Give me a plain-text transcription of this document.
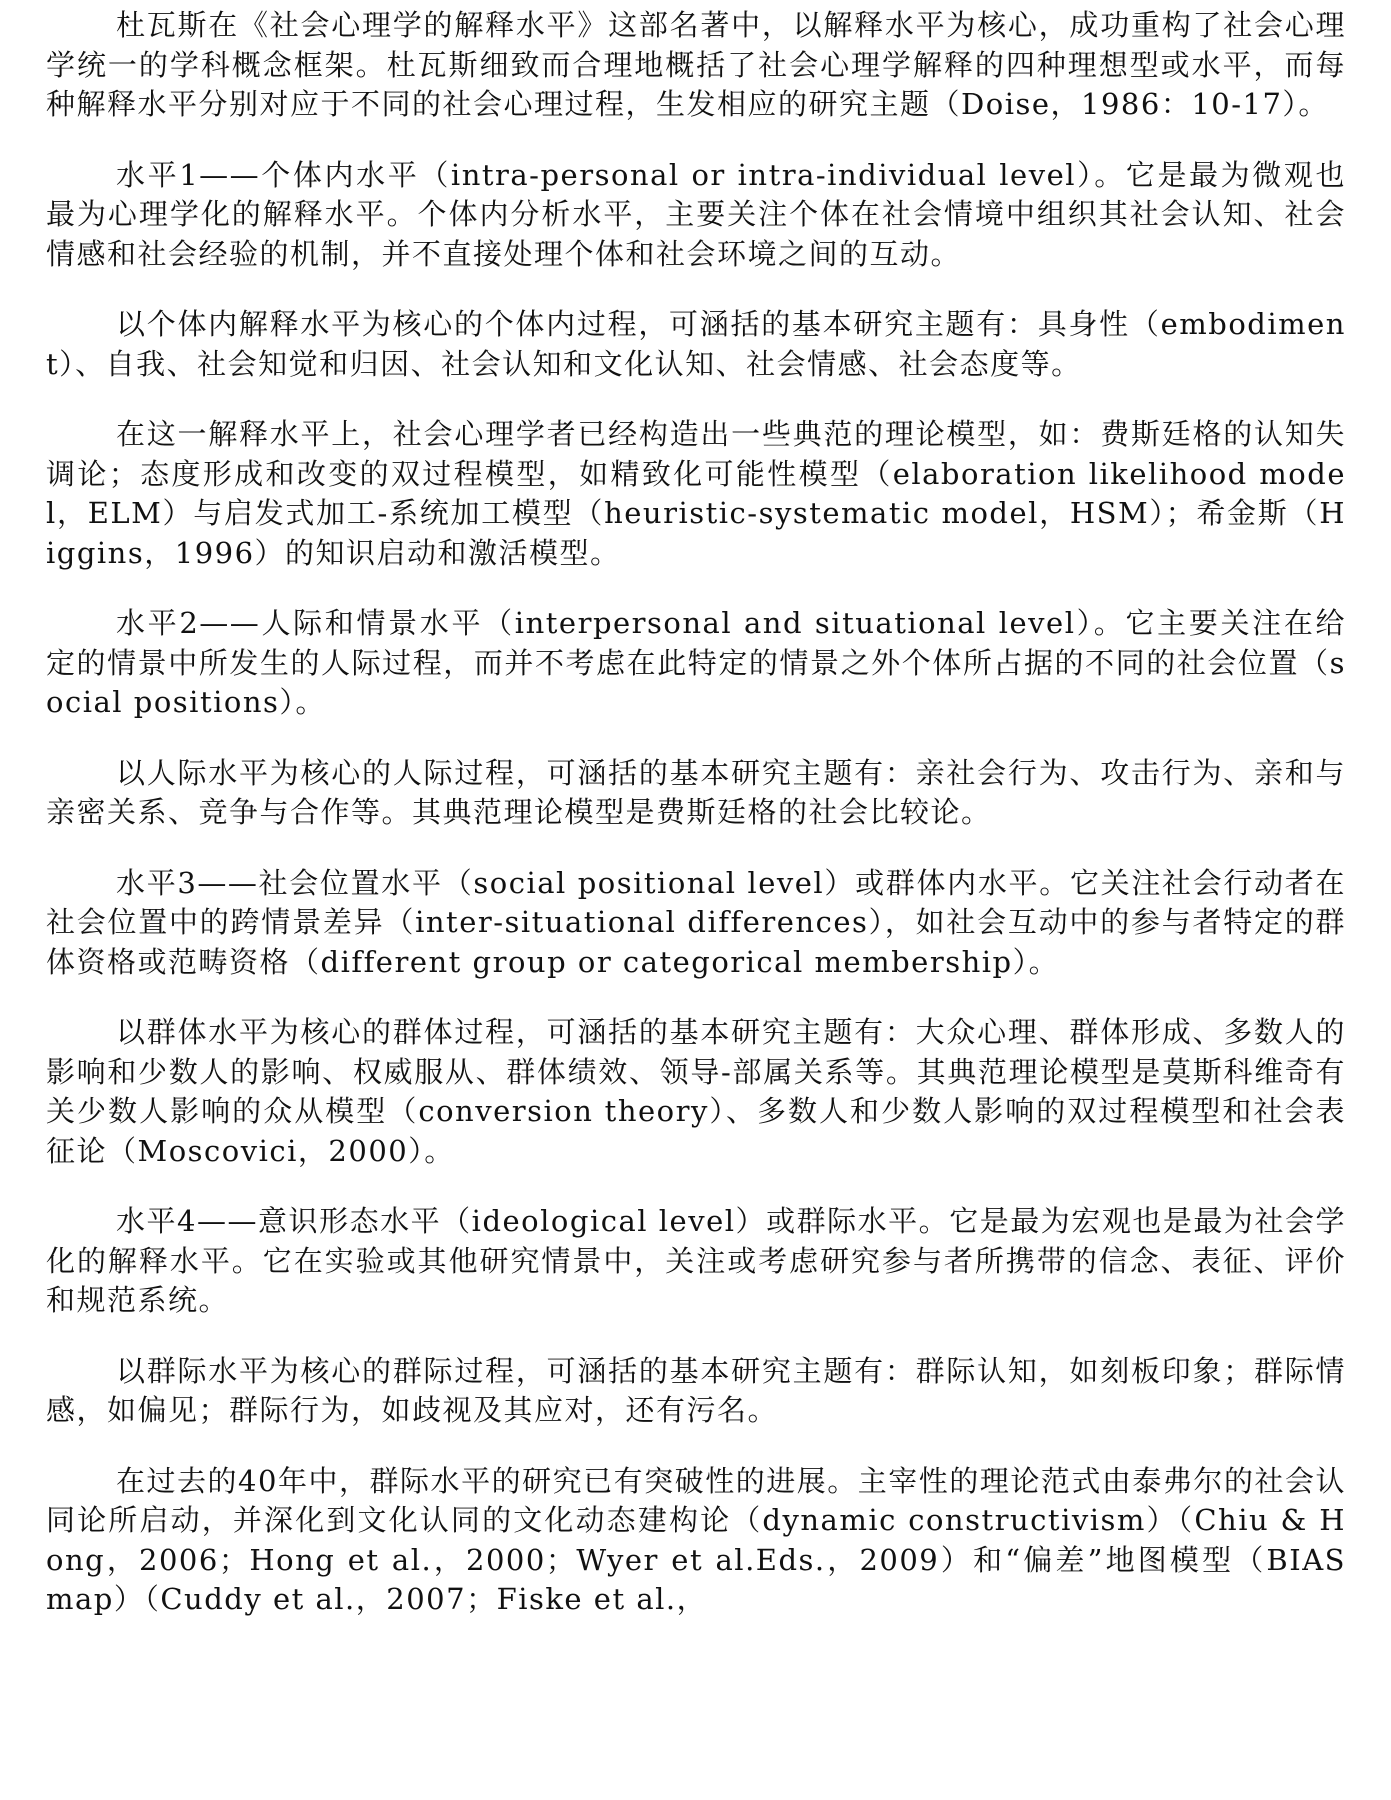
杜瓦斯在《社会心理学的解释水平》这部名著中，以解释水平为核心，成功重构了社会心理学统一的学科概念框架。杜瓦斯细致而合理地概括了社会心理学解释的四种理想型或水平，而每种解释水平分别对应于不同的社会心理过程，生发相应的研究主题（Doise，1986：10-17）。

水平1——个体内水平（intra-personal or intra-individual level）。它是最为微观也最为心理学化的解释水平。个体内分析水平，主要关注个体在社会情境中组织其社会认知、社会情感和社会经验的机制，并不直接处理个体和社会环境之间的互动。

以个体内解释水平为核心的个体内过程，可涵括的基本研究主题有：具身性（embodiment）、自我、社会知觉和归因、社会认知和文化认知、社会情感、社会态度等。

在这一解释水平上，社会心理学者已经构造出一些典范的理论模型，如：费斯廷格的认知失调论；态度形成和改变的双过程模型，如精致化可能性模型（elaboration likelihood model，ELM）与启发式加工-系统加工模型（heuristic-systematic model，HSM）；希金斯（Higgins，1996）的知识启动和激活模型。

水平2——人际和情景水平（interpersonal and situational level）。它主要关注在给定的情景中所发生的人际过程，而并不考虑在此特定的情景之外个体所占据的不同的社会位置（social positions）。

以人际水平为核心的人际过程，可涵括的基本研究主题有：亲社会行为、攻击行为、亲和与亲密关系、竞争与合作等。其典范理论模型是费斯廷格的社会比较论。

水平3——社会位置水平（social positional level）或群体内水平。它关注社会行动者在社会位置中的跨情景差异（inter-situational differences），如社会互动中的参与者特定的群体资格或范畴资格（different group or categorical membership）。

以群体水平为核心的群体过程，可涵括的基本研究主题有：大众心理、群体形成、多数人的影响和少数人的影响、权威服从、群体绩效、领导-部属关系等。其典范理论模型是莫斯科维奇有关少数人影响的众从模型（conversion theory）、多数人和少数人影响的双过程模型和社会表征论（Moscovici，2000）。

水平4——意识形态水平（ideological level）或群际水平。它是最为宏观也是最为社会学化的解释水平。它在实验或其他研究情景中，关注或考虑研究参与者所携带的信念、表征、评价和规范系统。

以群际水平为核心的群际过程，可涵括的基本研究主题有：群际认知，如刻板印象；群际情感，如偏见；群际行为，如歧视及其应对，还有污名。

在过去的40年中，群际水平的研究已有突破性的进展。主宰性的理论范式由泰弗尔的社会认同论所启动，并深化到文化认同的文化动态建构论（dynamic constructivism）（Chiu & Hong，2006；Hong et al.，2000；Wyer et al.Eds.，2009）和“偏差”地图模型（BIAS map）（Cuddy et al.，2007；Fiske et al.，
